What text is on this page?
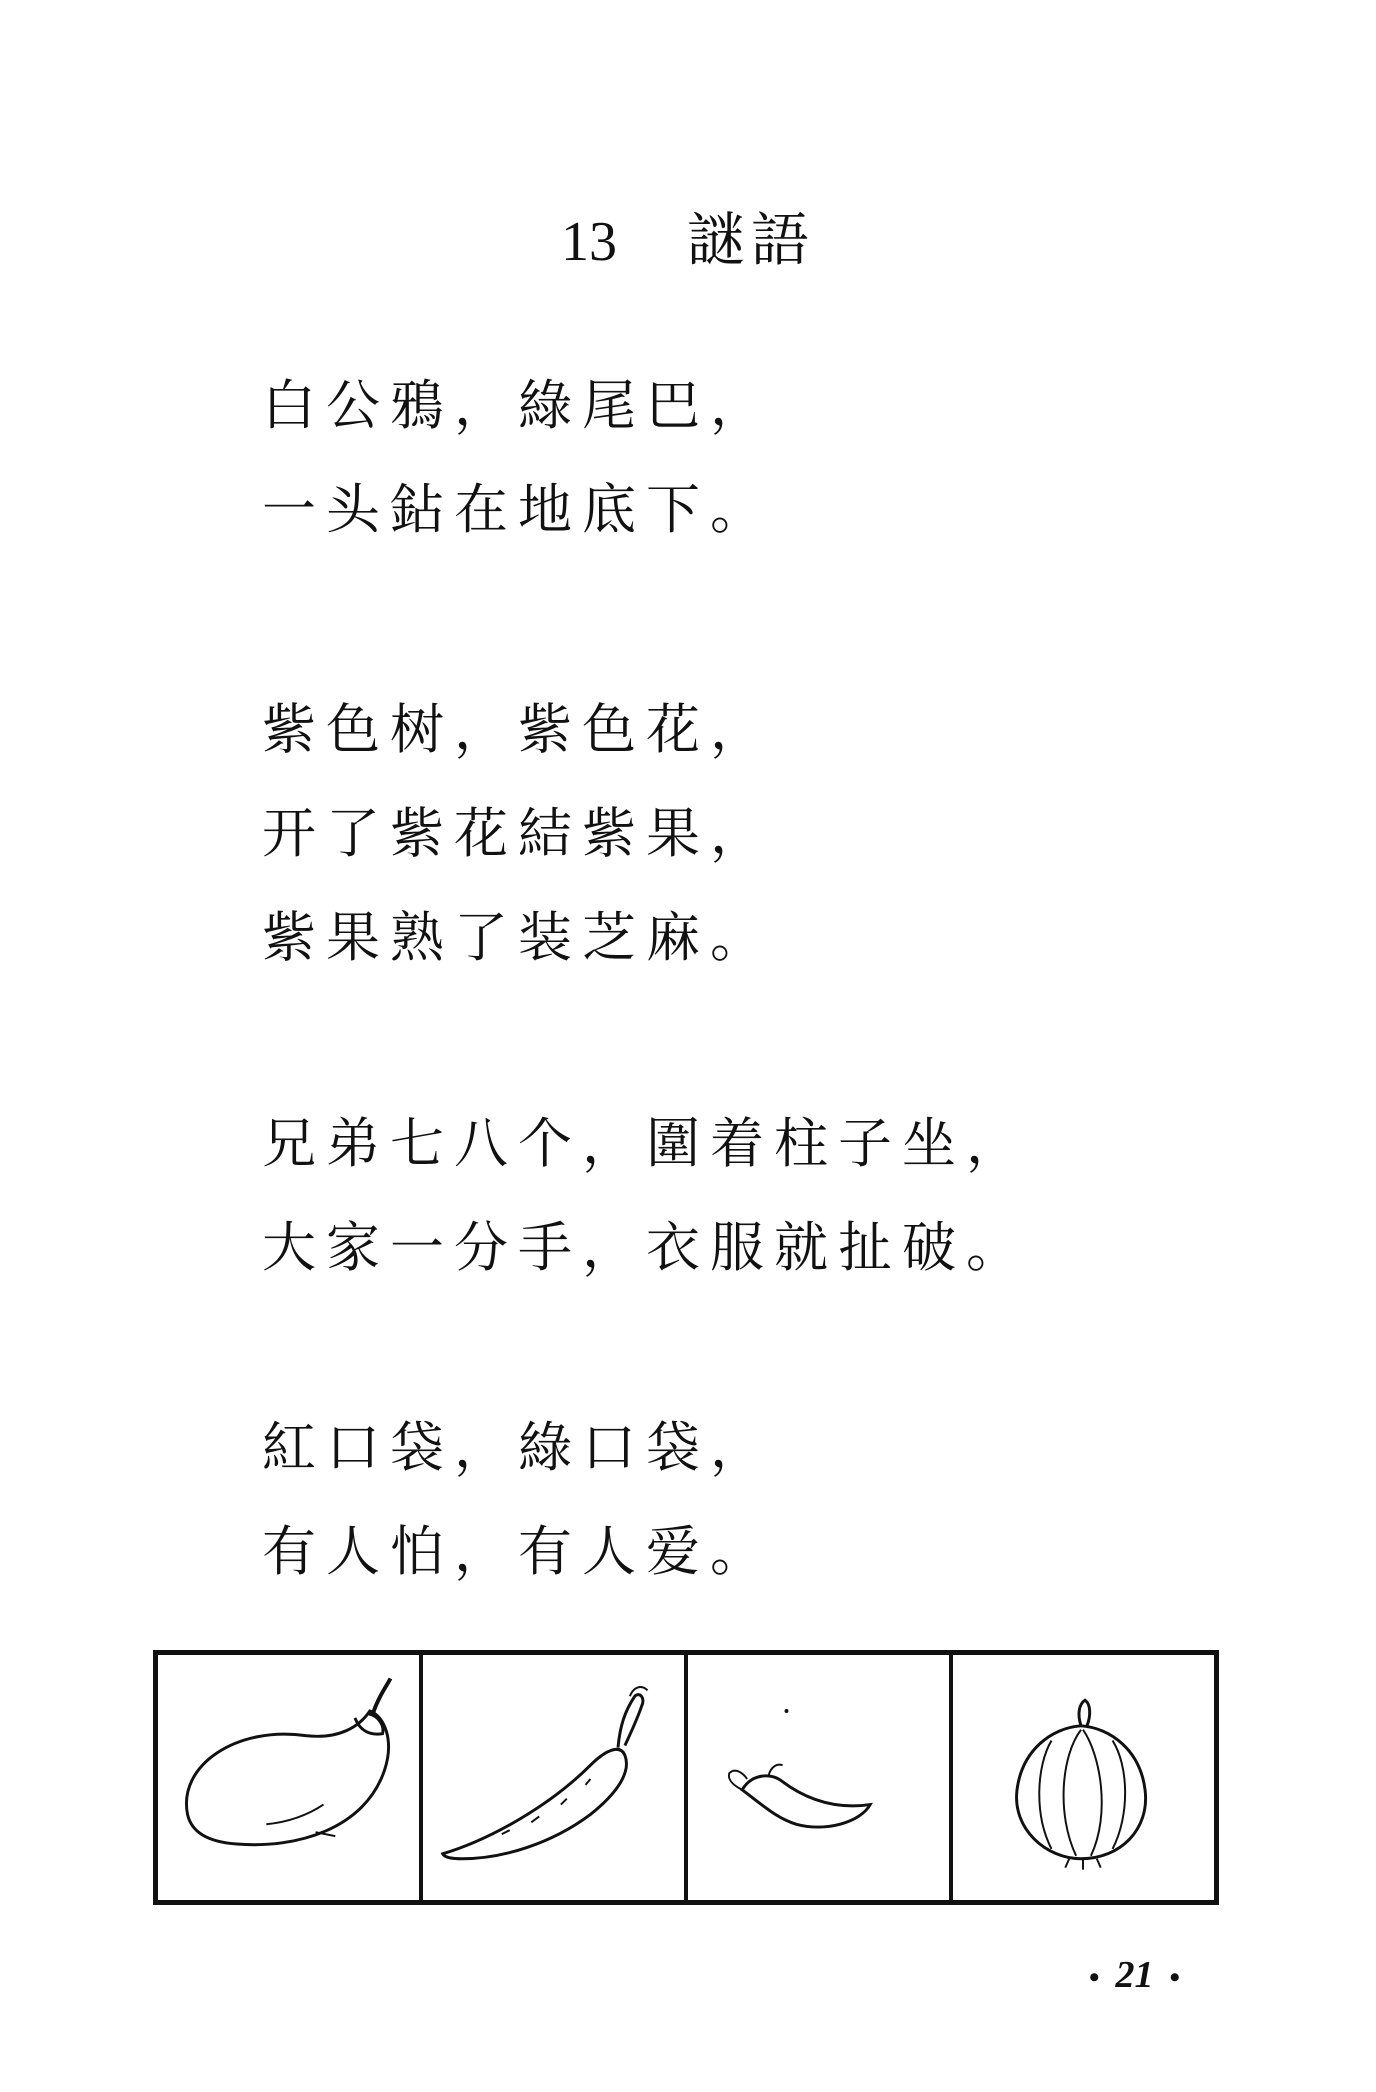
13 謎語
白公鴉，綠尾巴，
一头鉆在地底下。
紫色树，紫色花，
开了紫花結紫果，
紫果熟了装芝麻。
兄弟七八个，圍着柱子坐，
大家一分手，衣服就扯破。
紅口袋，綠口袋，
有人怕，有人爱。
• 21 •
